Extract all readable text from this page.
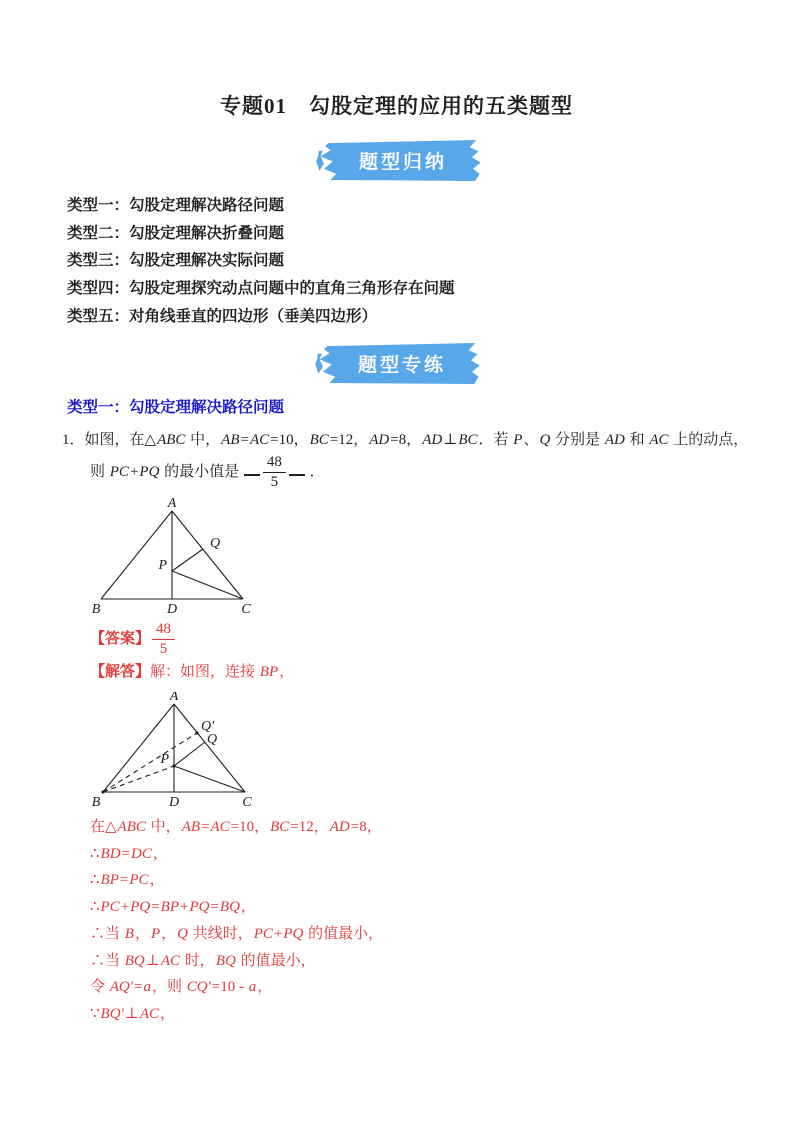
专题01　勾股定理的应用的五类题型
题型归纳
类型一：勾股定理解决路径问题
类型二：勾股定理解决折叠问题
类型三：勾股定理解决实际问题
类型四：勾股定理探究动点问题中的直角三角形存在问题
类型五：对角线垂直的四边形（垂美四边形）
题型专练
类型一：勾股定理解决路径问题
1．如图，在△ABC 中，AB=AC=10，BC=12，AD=8，AD⊥BC．若 P、Q 分别是 AD 和 AC 上的动点，
则 PC+PQ 的最小值是 $\frac{48}{5}$ ．
A
B	D	C
Q
P
【答案】 $\frac{48}{5}$
【解答】解：如图，连接 BP，
A
B	D	C
Q'
Q
P
在△ABC 中，AB=AC=10，BC=12，AD=8，
∴BD=DC，
∴BP=PC，
∴PC+PQ=BP+PQ=BQ，
∴当 B，P，Q 共线时，PC+PQ 的值最小，
∴当 BQ⊥AC 时，BQ 的值最小，
令 AQ'=a，则 CQ'=10 - a，
∵BQ'⊥AC，
